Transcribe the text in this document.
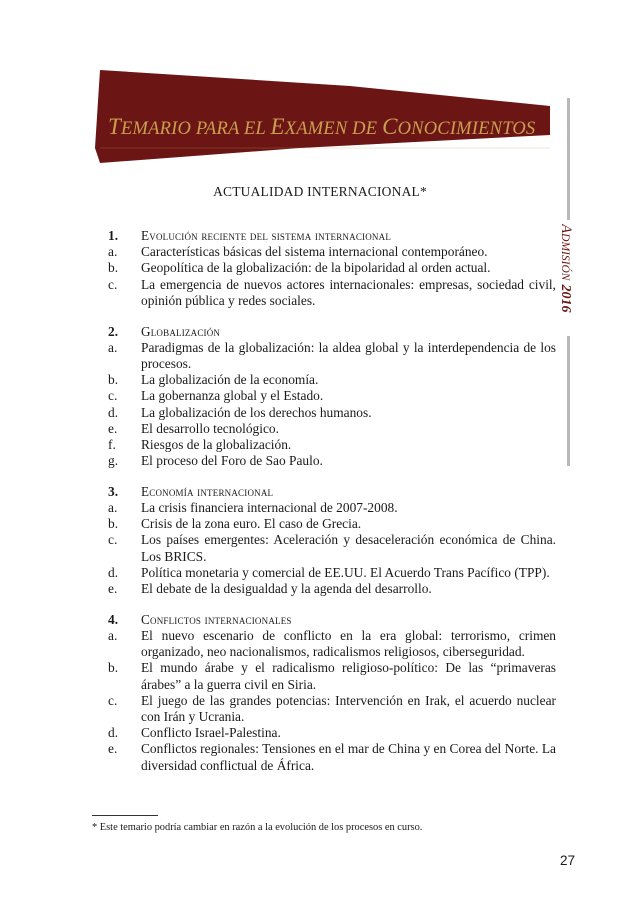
TEMARIO PARA EL EXAMEN DE CONOCIMIENTOS
ADMISIÓN2016
ACTUALIDAD INTERNACIONAL*
1.	Evolución reciente del sistema internacional
a.	Características básicas del sistema internacional contemporáneo.
b.	Geopolítica de la globalización: de la bipolaridad al orden actual.
c.	La emergencia de nuevos actores internacionales: empresas, sociedad civil, opinión pública y redes sociales.
2.	Globalización
a.	Paradigmas de la globalización: la aldea global y la interdependencia de los procesos.
b.	La globalización de la economía.
c.	La gobernanza global y el Estado.
d.	La globalización de los derechos humanos.
e.	El desarrollo tecnológico.
f.	Riesgos de la globalización.
g.	El proceso del Foro de Sao Paulo.
3.	Economía internacional
a.	La crisis financiera internacional de 2007-2008.
b.	Crisis de la zona euro. El caso de Grecia.
c.	Los países emergentes: Aceleración y desaceleración económica de China. Los BRICS.
d.	Política monetaria y comercial de EE.UU. El Acuerdo Trans Pacífico (TPP).
e.	El debate de la desigualdad y la agenda del desarrollo.
4.	Conflictos internacionales
a.	El nuevo escenario de conflicto en la era global: terrorismo, crimen organizado, neo nacionalismos, radicalismos religiosos, ciberseguridad.
b.	El mundo árabe y el radicalismo religioso-político: De las “primaveras árabes” a la guerra civil en Siria.
c.	El juego de las grandes potencias: Intervención en Irak, el acuerdo nuclear con Irán y Ucrania.
d.	Conflicto Israel-Palestina.
e.	Conflictos regionales: Tensiones en el mar de China y en Corea del Norte. La diversidad conflictual de África.
* Este temario podría cambiar en razón a la evolución de los procesos en curso.
27
